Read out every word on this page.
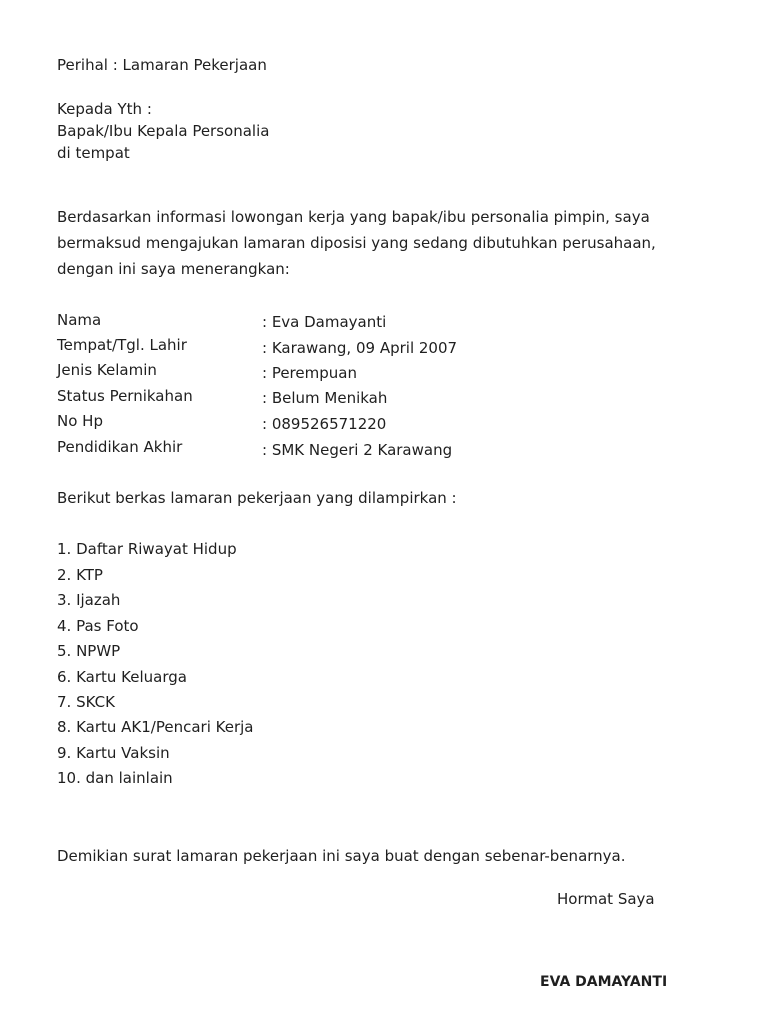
Perihal : Lamaran Pekerjaan
Kepada Yth :
Bapak/Ibu Kepala Personalia
di tempat
Berdasarkan informasi lowongan kerja yang bapak/ibu personalia pimpin, saya
bermaksud mengajukan lamaran diposisi yang sedang dibutuhkan perusahaan,
dengan ini saya menerangkan:
Nama	: Eva Damayanti
Tempat/Tgl. Lahir	: Karawang, 09 April 2007
Jenis Kelamin	: Perempuan
Status Pernikahan	: Belum Menikah
No Hp	: 089526571220
Pendidikan Akhir	: SMK Negeri 2 Karawang
Berikut berkas lamaran pekerjaan yang dilampirkan :
1. Daftar Riwayat Hidup
2. KTP
3. Ijazah
4. Pas Foto
5. NPWP
6. Kartu Keluarga
7. SKCK
8. Kartu AK1/Pencari Kerja
9. Kartu Vaksin
10. dan lainlain
Demikian surat lamaran pekerjaan ini saya buat dengan sebenar-benarnya.
Hormat Saya
EVA DAMAYANTI
